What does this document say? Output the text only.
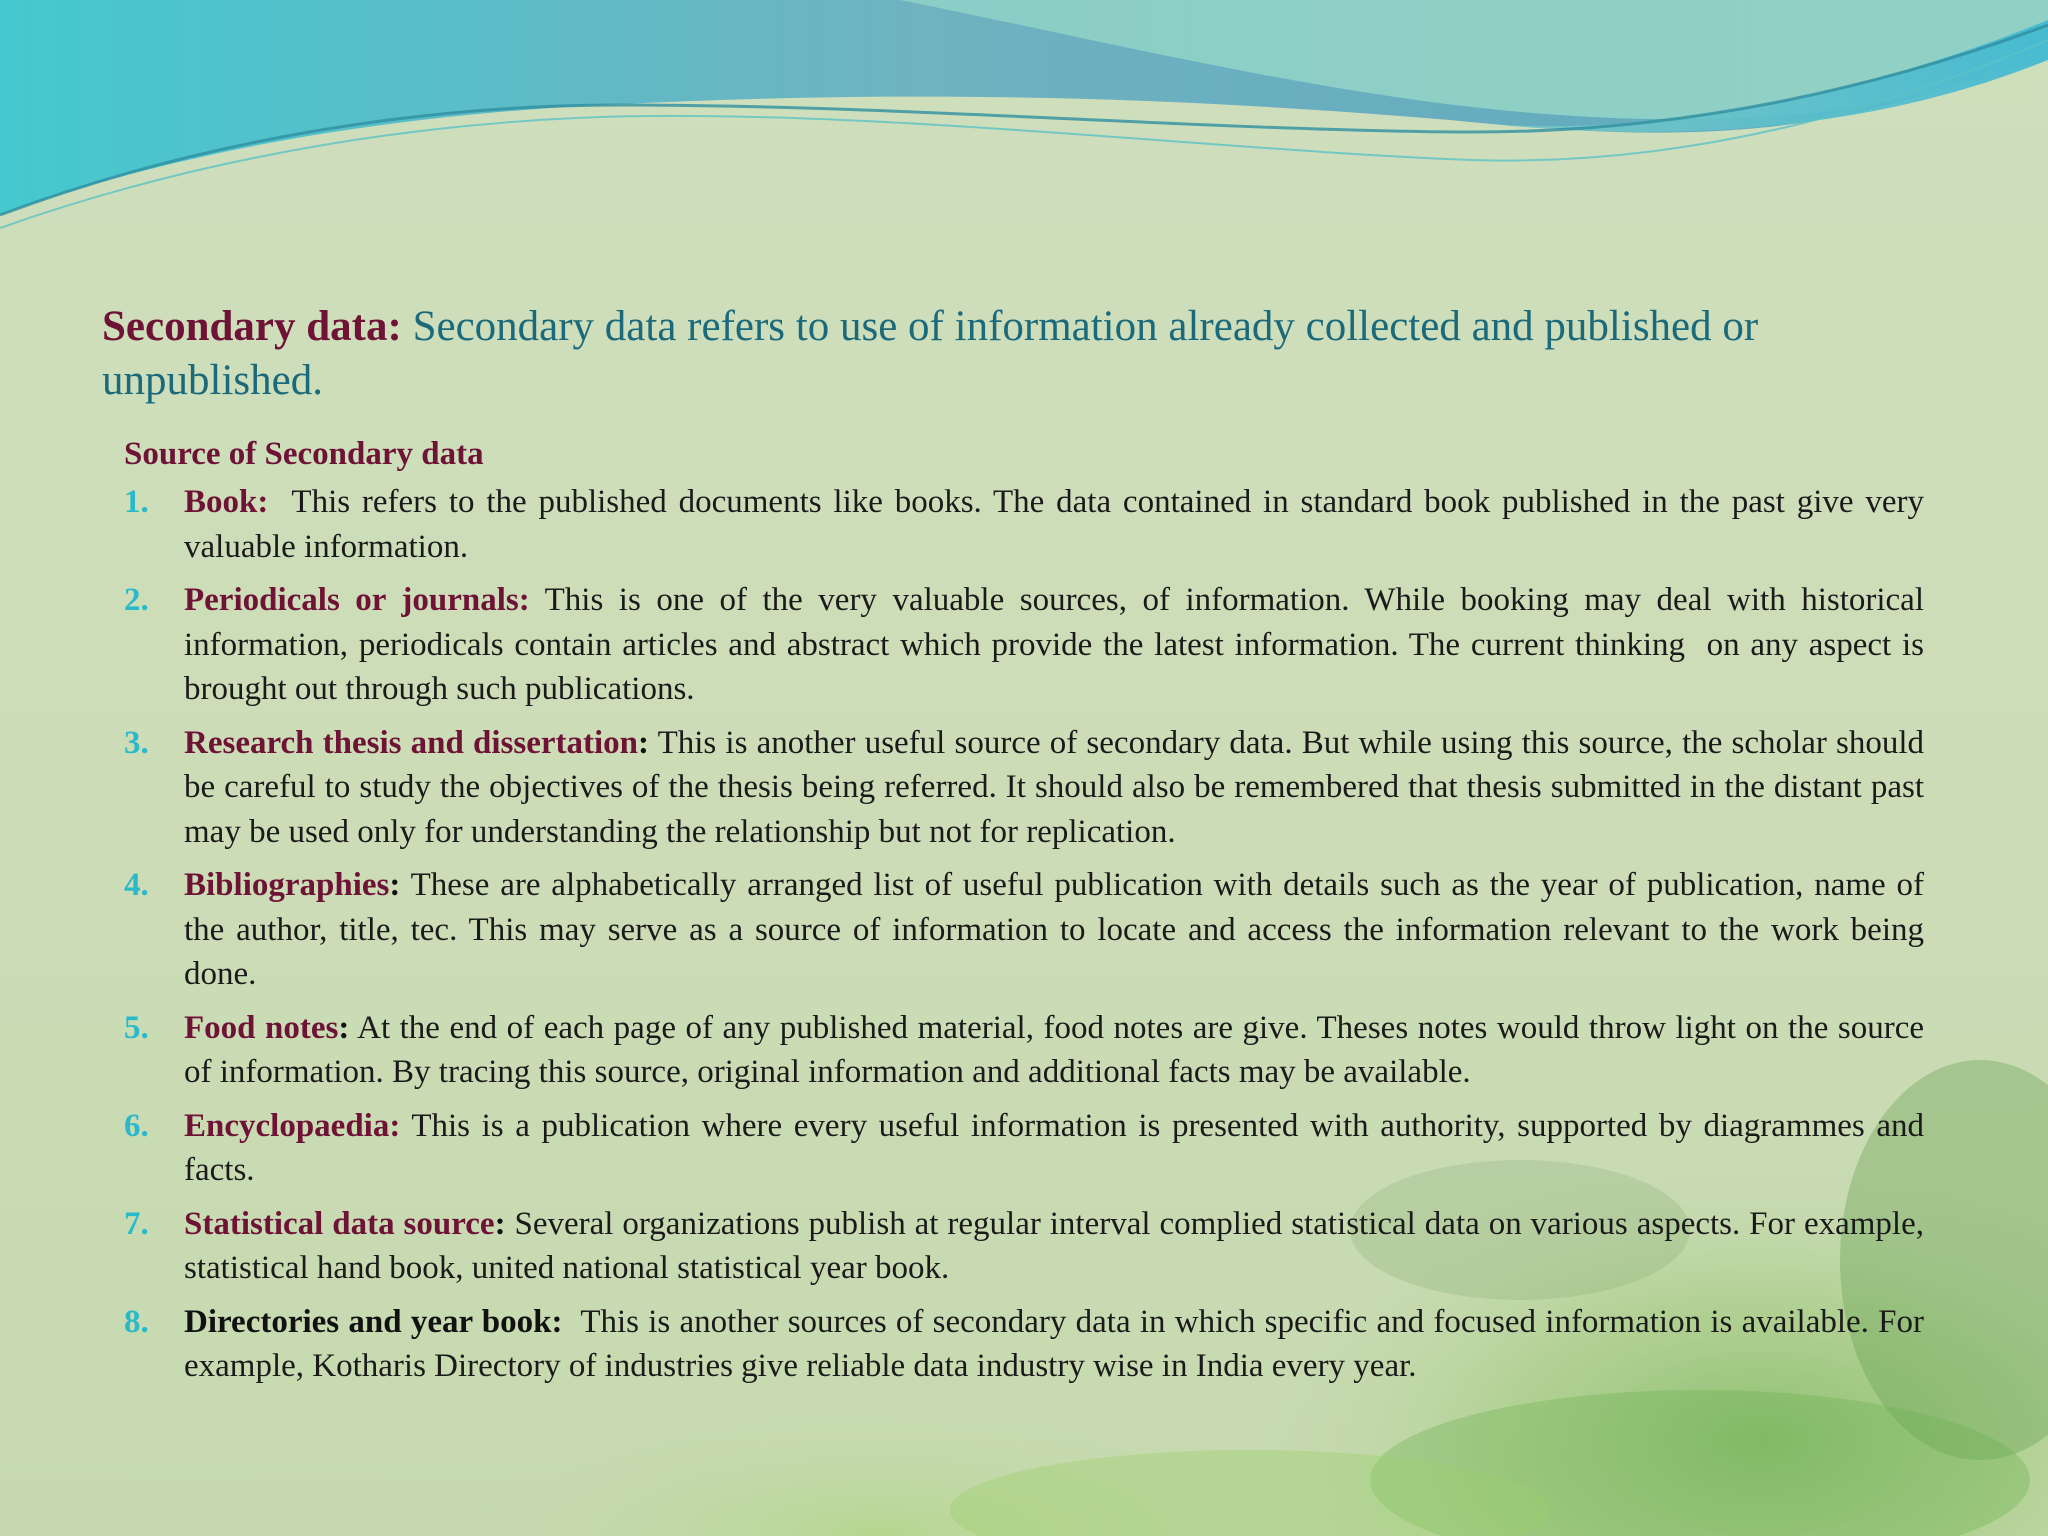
Secondary data: Secondary data refers to use of information already collected and published or unpublished.

Source of Secondary data
1. Book:  This refers to the published documents like books. The data contained in standard book published in the past give very valuable information.
2. Periodicals or journals: This is one of the very valuable sources, of information. While booking may deal with historical information, periodicals contain articles and abstract which provide the latest information. The current thinking  on any aspect is brought out through such publications.
3. Research thesis and dissertation: This is another useful source of secondary data. But while using this source, the scholar should be careful to study the objectives of the thesis being referred. It should also be remembered that thesis submitted in the distant past may be used only for understanding the relationship but not for replication.
4. Bibliographies: These are alphabetically arranged list of useful publication with details such as the year of publication, name of the author, title, tec. This may serve as a source of information to locate and access the information relevant to the work being done.
5. Food notes: At the end of each page of any published material, food notes are give. Theses notes would throw light on the source of information. By tracing this source, original information and additional facts may be available.
6. Encyclopaedia: This is a publication where every useful information is presented with authority, supported by diagrammes and facts.
7. Statistical data source: Several organizations publish at regular interval complied statistical data on various aspects. For example, statistical hand book, united national statistical year book.
8. Directories and year book:  This is another sources of secondary data in which specific and focused information is available. For example, Kotharis Directory of industries give reliable data industry wise in India every year.
